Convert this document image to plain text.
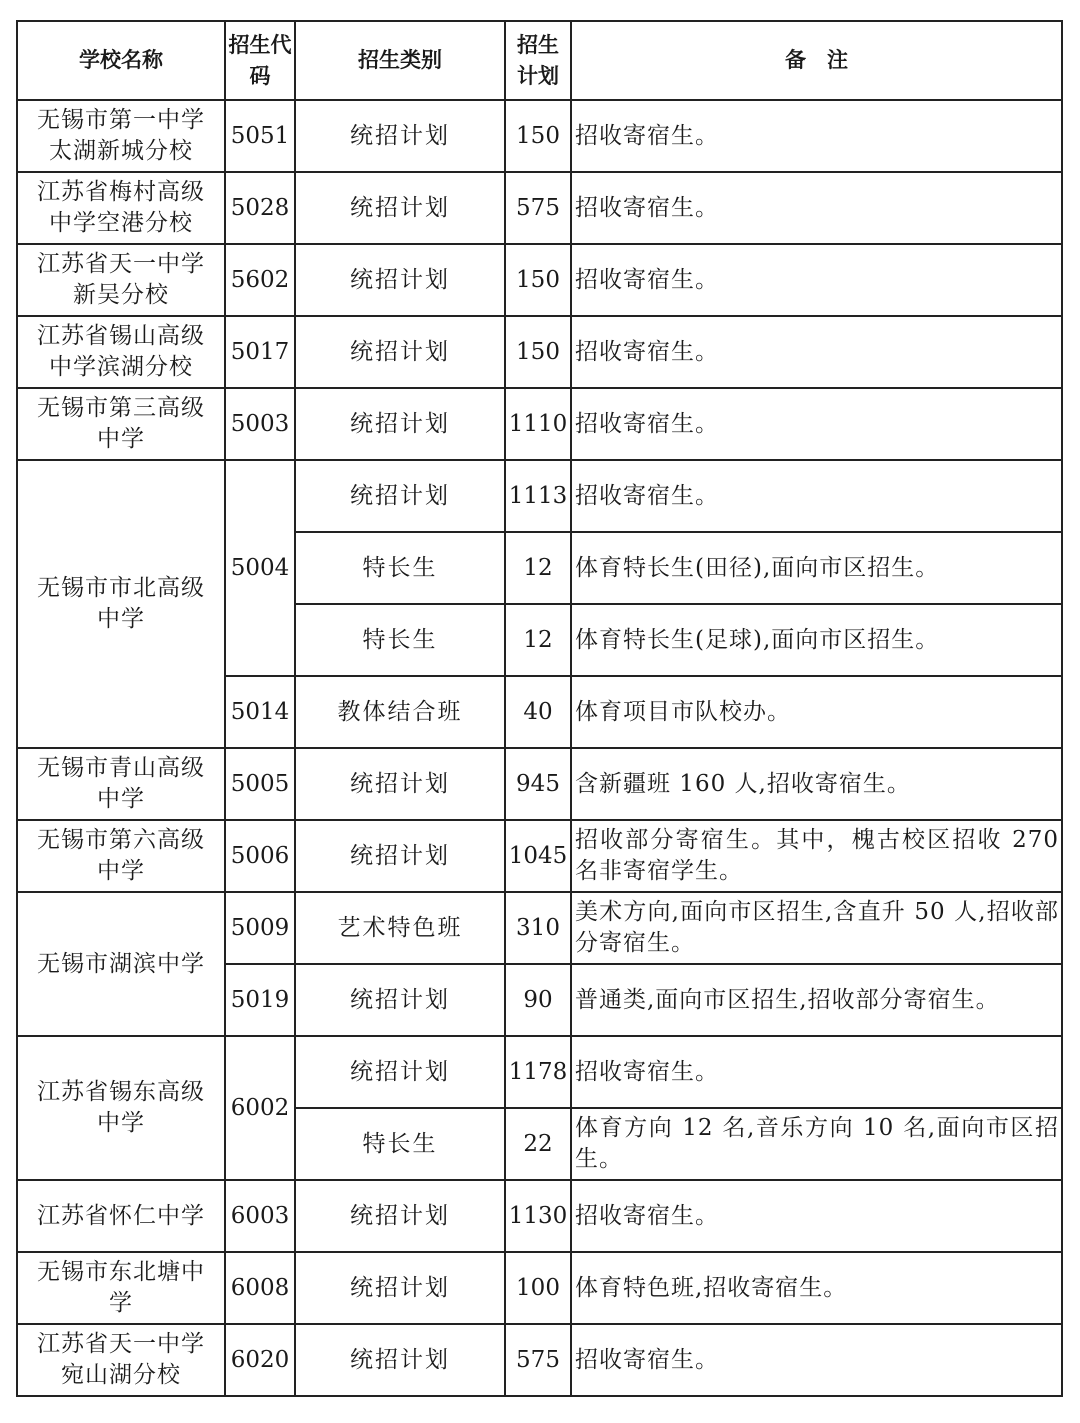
学校名称	招生代码	招生类别	招生计划	备　注
无锡市第一中学太湖新城分校	5051	统招计划	150	招收寄宿生。
江苏省梅村高级中学空港分校	5028	统招计划	575	招收寄宿生。
江苏省天一中学新吴分校	5602	统招计划	150	招收寄宿生。
江苏省锡山高级中学滨湖分校	5017	统招计划	150	招收寄宿生。
无锡市第三高级中学	5003	统招计划	1110	招收寄宿生。
无锡市市北高级中学	5004	统招计划	1113	招收寄宿生。
		特长生	12	体育特长生(田径),面向市区招生。
		特长生	12	体育特长生(足球),面向市区招生。
	5014	教体结合班	40	体育项目市队校办。
无锡市青山高级中学	5005	统招计划	945	含新疆班 160 人,招收寄宿生。
无锡市第六高级中学	5006	统招计划	1045	招收部分寄宿生。其中，槐古校区招收 270 名非寄宿学生。
无锡市湖滨中学	5009	艺术特色班	310	美术方向,面向市区招生,含直升 50 人,招收部分寄宿生。
	5019	统招计划	90	普通类,面向市区招生,招收部分寄宿生。
江苏省锡东高级中学	6002	统招计划	1178	招收寄宿生。
		特长生	22	体育方向 12 名,音乐方向 10 名,面向市区招生。
江苏省怀仁中学	6003	统招计划	1130	招收寄宿生。
无锡市东北塘中学	6008	统招计划	100	体育特色班,招收寄宿生。
江苏省天一中学宛山湖分校	6020	统招计划	575	招收寄宿生。
